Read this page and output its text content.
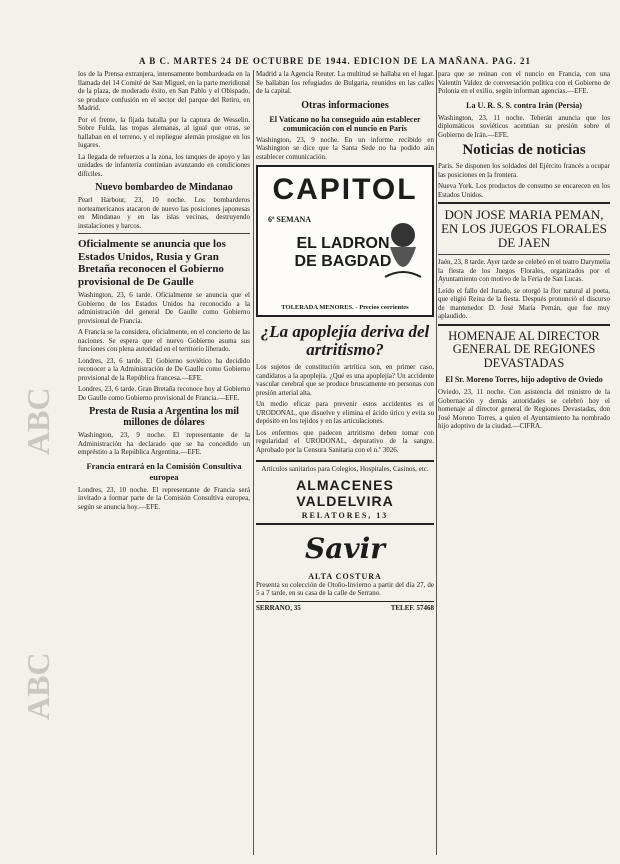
A B C. MARTES 24 DE OCTUBRE DE 1944. EDICION DE LA MAÑANA. PAG. 21
ABC
ABC

los de la Prensa extranjera, intensamente bombardeada en la llamada del 14 Comité de San Miguel, en la parte meridional de la plaza, de moderado éxito, en San Pablo y el Obispado, se produce confusión en el sector del parque del Retiro, en Madrid.

Por el frente, la fijada batalla por la captura de Wesselin. Sobre Fulda, las tropas alemanas, al igual que otras, se hallaban en el terreno, y el repliegue alemán prosigue en los lugares.

La llegada de refuerzos a la zona, los tanques de apoyo y las unidades de infantería continúan avanzando en condiciones difíciles.

Nuevo bombardeo de Mindanao

Pearl Harbour, 23, 10 noche. Los bombarderos norteamericanos atacaron de nuevo las posiciones japonesas en Mindanao y en las islas vecinas, destruyendo instalaciones y barcos.

Oficialmente se anuncia que los Estados Unidos, Rusia y Gran Bretaña reconocen el Gobierno provisional de De Gaulle

Washington, 23, 6 tarde. Oficialmente se anuncia que el Gobierno de los Estados Unidos ha reconocido a la administración del general De Gaulle como Gobierno provisional de Francia.

A Francia se la considera, oficialmente, en el concierto de las naciones. Se espera que el nuevo Gobierno asuma sus funciones con plena autoridad en el territorio liberado.

Londres, 23, 6 tarde. El Gobierno soviético ha decidido reconocer a la Administración de De Gaulle como Gobierno provisional de la República francesa.—EFE.

Londres, 23, 6 tarde. Gran Bretaña reconoce hoy al Gobierno De Gaulle como Gobierno provisional de Francia.—EFE.

Presta de Rusia a Argentina los mil millones de dólares

Washington, 23, 9 noche. El representante de la Administración ha declarado que se ha concedido un empréstito a la República Argentina.—EFE.

Francia entrará en la Comisión Consultiva europea

Londres, 23, 10 noche. El representante de Francia será invitado a formar parte de la Comisión Consultiva europea, según se anuncia hoy.—EFE.

Madrid a la Agencia Reuter. La multitud se hallaba en el lugar. Se hallaban los refugiados de Bulgaria, reunidos en las calles de la capital.

Otras informaciones
El Vaticano no ha conseguido aún establecer comunicación con el nuncio en París

Washington, 23, 9 noche. En un informe recibido en Washington se dice que la Santa Sede no ha podido aún establecer comunicación.

CAPITOL
6ª SEMANA
EL LADRON
DE BAGDAD
TOLERADA MENORES. - Precios corrientes
¿La apoplejía deriva del artritismo?

Los sujetos de constitución artrítica son, en primer caso, candidatos a la apoplejía. ¿Qué es una apoplejía? Un accidente vascular cerebral que se produce bruscamente en personas con presión arterial alta.

Un medio eficaz para prevenir estos accidentes es el URODONAL, que disuelve y elimina el ácido úrico y evita su depósito en los tejidos y en las articulaciones.

Los enfermos que padecen artritismo deben tomar con regularidad el URODONAL, depurativo de la sangre. Aprobado por la Censura Sanitaria con el n.º 3026.

Artículos sanitarios para Colegios, Hospitales, Casinos, etc.
ALMACENES VALDELVIRA
RELATORES, 13
Savir
ALTA COSTURA

Presenta su colección de Otoño-Invierno a partir del día 27, de 5 a 7 tarde, en su casa de la calle de Serrano.

SERRANO, 35	TELEF. 57468

para que se reúnan con el nuncio en Francia, con una Valentín Valdez de conversación política con el Gobierno de Polonia en el exilio, según informan agencias.—EFE.

La U. R. S. S. contra Irán (Persia)

Washington, 23, 11 noche. Teherán anuncia que los diplomáticos soviéticos acentúan su presión sobre el Gobierno de Irán.—EFE.

Noticias de noticias

Paris. Se disponen los soldados del Ejército francés a ocupar las posiciones en la frontera.

Nueva York. Los productos de consumo se encarecen en los Estados Unidos.

DON JOSE MARIA PEMAN, EN LOS JUEGOS FLORALES DE JAEN

Jaén, 23, 8 tarde. Ayer tarde se celebró en el teatro Darymelia la fiesta de los Juegos Florales, organizados por el Ayuntamiento con motivo de la Feria de San Lucas.

Leído el fallo del Jurado, se otorgó la flor natural al poeta, que eligió Reina de la fiesta. Después pronunció el discurso de mantenedor D. José María Pemán, que fue muy aplaudido.

HOMENAJE AL DIRECTOR GENERAL DE REGIONES DEVASTADAS
El Sr. Moreno Torres, hijo adoptivo de Oviedo

Oviedo, 23, 11 noche. Con asistencia del ministro de la Gobernación y demás autoridades se celebró hoy el homenaje al director general de Regiones Devastadas, don José Moreno Torres, a quien el Ayuntamiento ha nombrado hijo adoptivo de la ciudad.—CIFRA.
